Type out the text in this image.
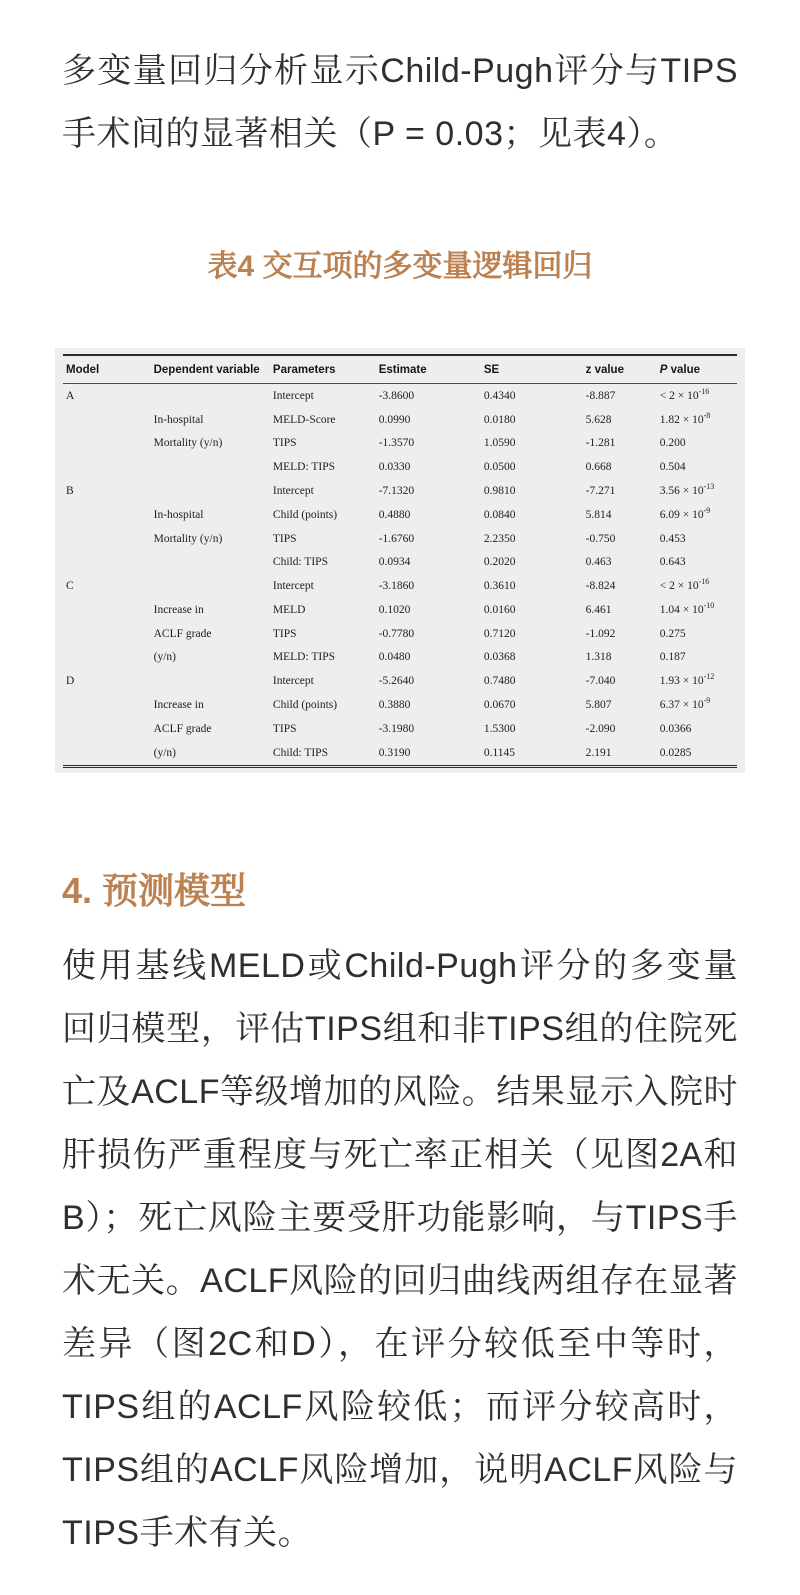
多变量回归分析显示Child-Pugh评分与TIPS手术间的显著相关（P = 0.03；见表4）。

表4 交互项的多变量逻辑回归
Model	Dependent variable	Parameters	Estimate	SE	z value	P value
A		Intercept	-3.8600	0.4340	-8.887	< $2 \times 10^{-16}$
	In-hospital	MELD-Score	0.0990	0.0180	5.628	$1.82 \times 10^{-8}$
	Mortality (y/n)	TIPS	-1.3570	1.0590	-1.281	0.200
		MELD: TIPS	0.0330	0.0500	0.668	0.504
B		Intercept	-7.1320	0.9810	-7.271	$3.56 \times 10^{-13}$
	In-hospital	Child (points)	0.4880	0.0840	5.814	$6.09 \times 10^{-9}$
	Mortality (y/n)	TIPS	-1.6760	2.2350	-0.750	0.453
		Child: TIPS	0.0934	0.2020	0.463	0.643
C		Intercept	-3.1860	0.3610	-8.824	< $2 \times 10^{-16}$
	Increase in	MELD	0.1020	0.0160	6.461	$1.04 \times 10^{-10}$
	ACLF grade	TIPS	-0.7780	0.7120	-1.092	0.275
	(y/n)	MELD: TIPS	0.0480	0.0368	1.318	0.187
D		Intercept	-5.2640	0.7480	-7.040	$1.93 \times 10^{-12}$
	Increase in	Child (points)	0.3880	0.0670	5.807	$6.37 \times 10^{-9}$
	ACLF grade	TIPS	-3.1980	1.5300	-2.090	0.0366
	(y/n)	Child: TIPS	0.3190	0.1145	2.191	0.0285
4. 预测模型

使用基线MELD或Child-Pugh评分的多变量回归模型，评估TIPS组和非TIPS组的住院死亡及ACLF等级增加的风险。结果显示入院时肝损伤严重程度与死亡率正相关（见图2A和B）；死亡风险主要受肝功能影响，与TIPS手术无关。ACLF风险的回归曲线两组存在显著差异（图2C和D），在评分较低至中等时，TIPS组的ACLF风险较低；而评分较高时，TIPS组的ACLF风险增加，说明ACLF风险与TIPS手术有关。
